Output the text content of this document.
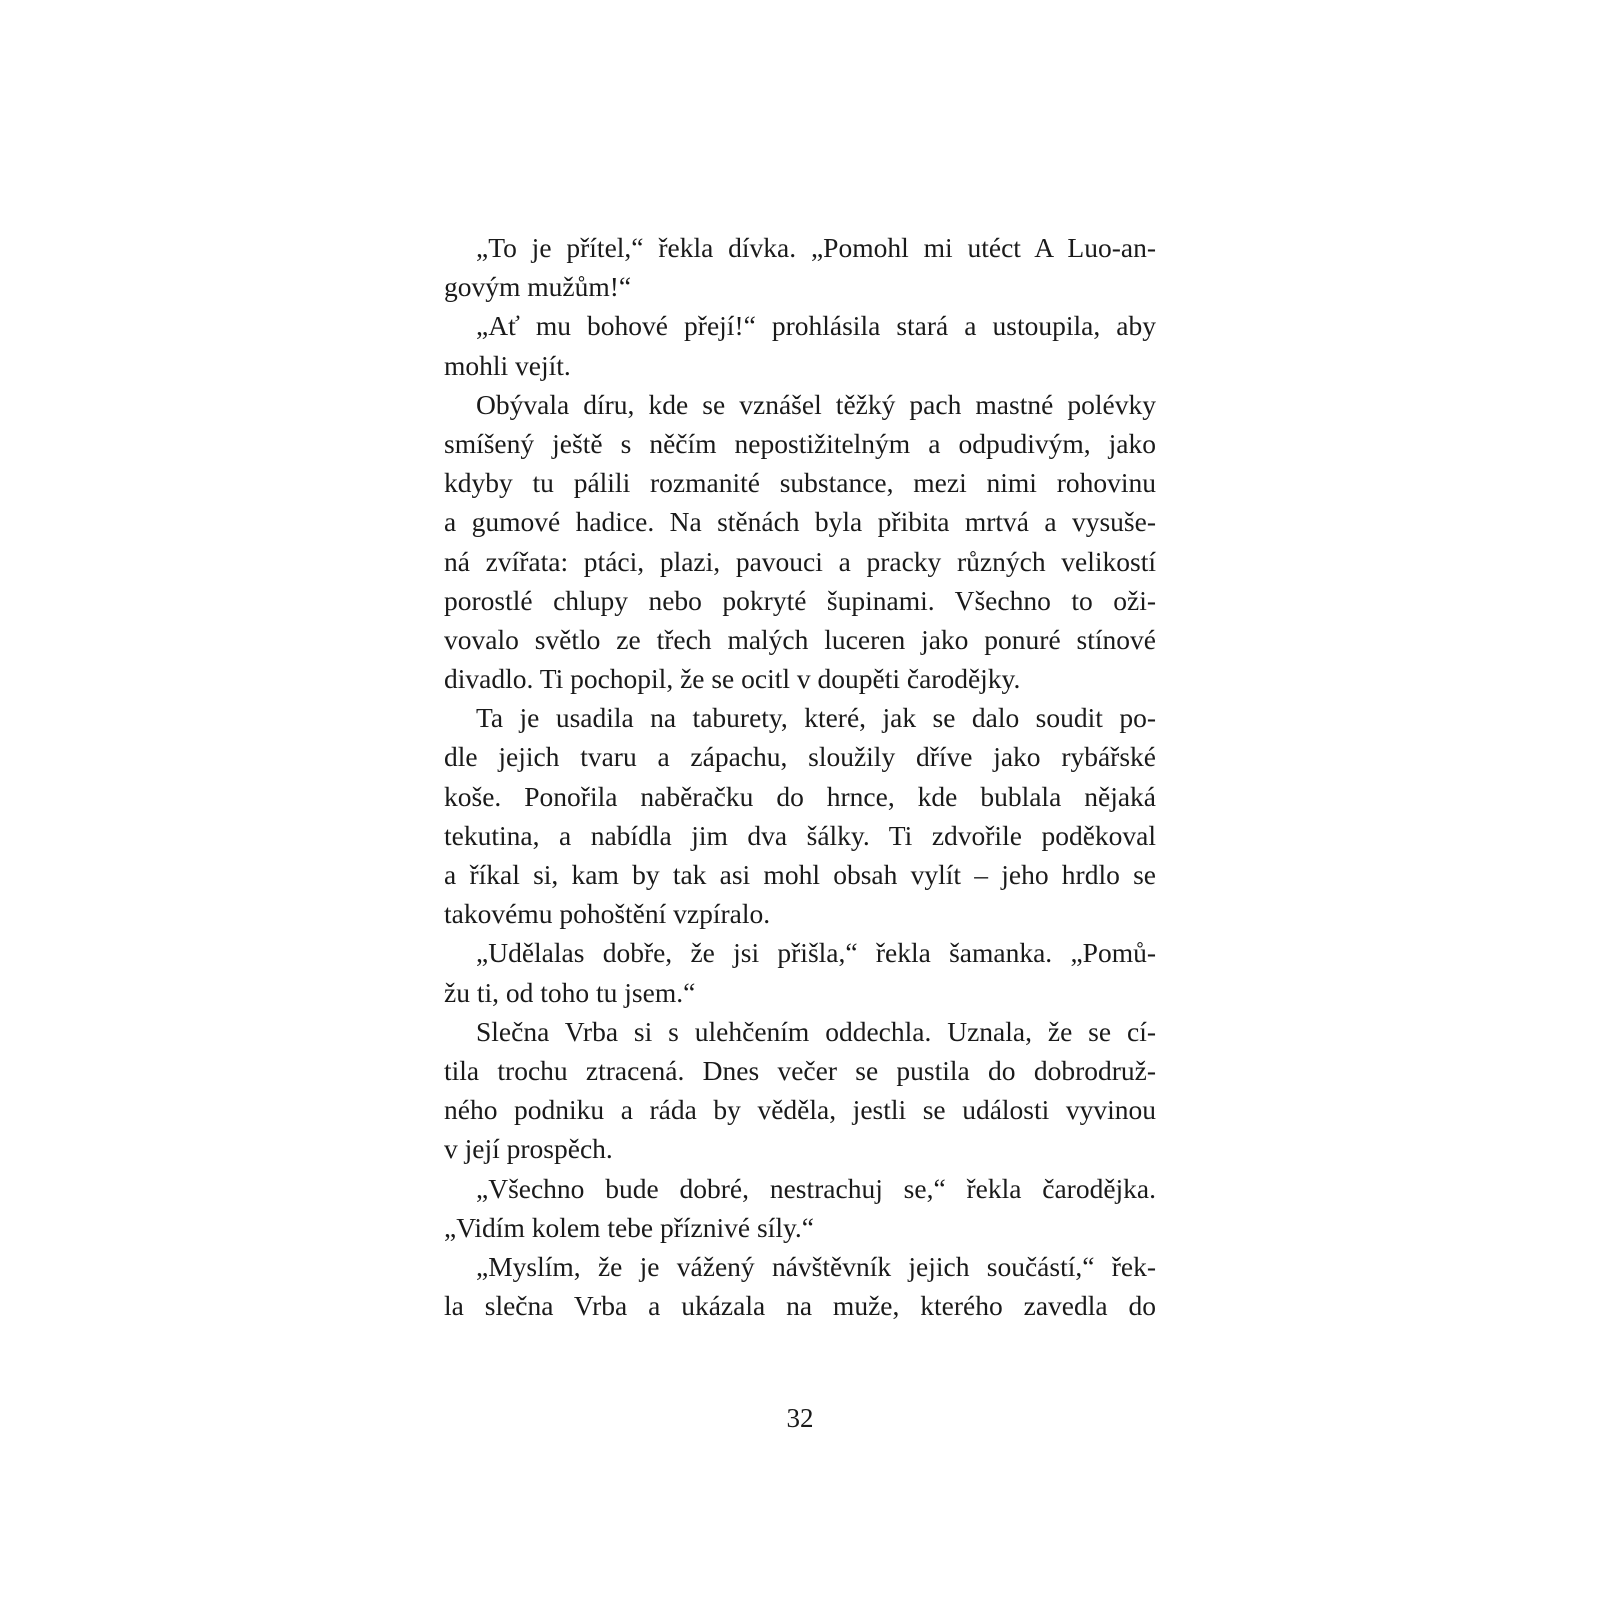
„To je přítel,“ řekla dívka. „Pomohl mi utéct A Luo-an-
govým mužům!“
„Ať mu bohové přejí!“ prohlásila stará a ustoupila, aby
mohli vejít.
Obývala díru, kde se vznášel těžký pach mastné polévky
smíšený ještě s něčím nepostižitelným a odpudivým, jako
kdyby tu pálili rozmanité substance, mezi nimi rohovinu
a gumové hadice. Na stěnách byla přibita mrtvá a vysuše-
ná zvířata: ptáci, plazi, pavouci a pracky různých velikostí
porostlé chlupy nebo pokryté šupinami. Všechno to oži-
vovalo světlo ze třech malých luceren jako ponuré stínové
divadlo. Ti pochopil, že se ocitl v doupěti čarodějky.
Ta je usadila na taburety, které, jak se dalo soudit po-
dle jejich tvaru a zápachu, sloužily dříve jako rybářské
koše. Ponořila naběračku do hrnce, kde bublala nějaká
tekutina, a nabídla jim dva šálky. Ti zdvořile poděkoval
a říkal si, kam by tak asi mohl obsah vylít – jeho hrdlo se
takovému pohoštění vzpíralo.
„Udělalas dobře, že jsi přišla,“ řekla šamanka. „Pomů-
žu ti, od toho tu jsem.“
Slečna Vrba si s ulehčením oddechla. Uznala, že se cí-
tila trochu ztracená. Dnes večer se pustila do dobrodruž-
ného podniku a ráda by věděla, jestli se události vyvinou
v její prospěch.
„Všechno bude dobré, nestrachuj se,“ řekla čarodějka.
„Vidím kolem tebe příznivé síly.“
„Myslím, že je vážený návštěvník jejich součástí,“ řek-
la slečna Vrba a ukázala na muže, kterého zavedla do
32
